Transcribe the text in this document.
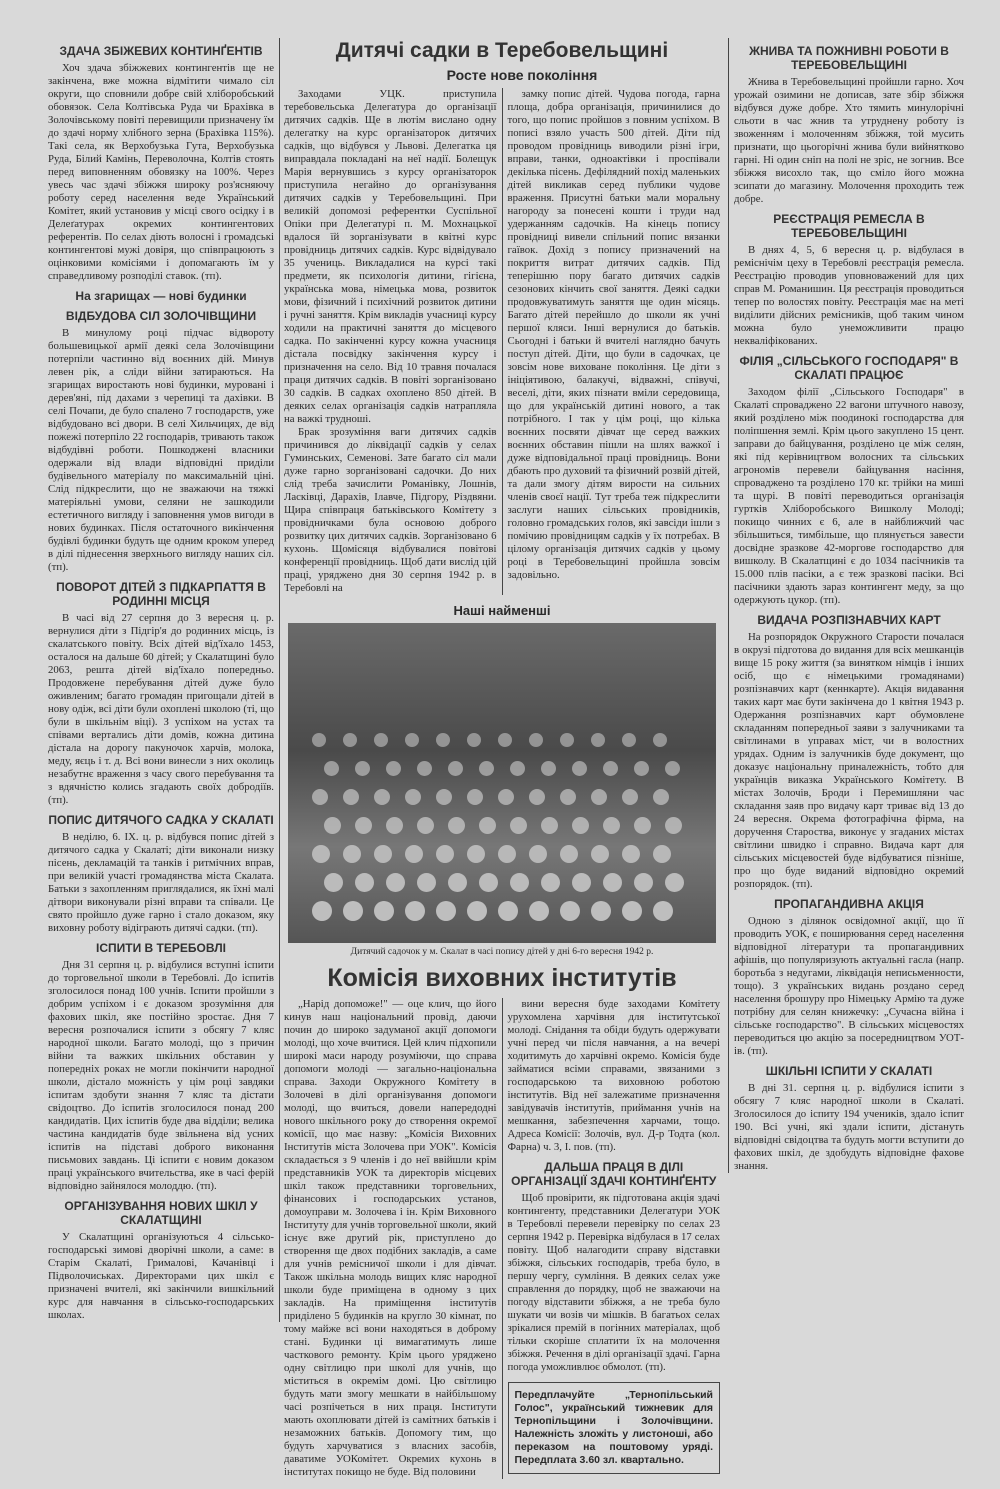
ЗДАЧА ЗБІЖЕВИХ КОНТИНҐЕНТІВ

Хоч здача збіжжевих контингентів ще не закінчена, вже можна відмітити чимало сіл округи, що сповнили добре свій хліборобський обовязок. Села Колтівська Руда чи Брахівка в Золочівському повіті перевищили призначену їм до здачі норму хлібного зерна (Брахівка 115%). Такі села, як Верхобузька Гута, Верхобузька Руда, Білий Камінь, Переволочна, Колтів стоять перед виповненням обовязку на 100%. Через увесь час здачі збіжжя широку роз'ясняючу роботу серед населення веде Український Комітет, який установив у місці свого осідку і в Делеґатурах окремих контингентових референтів. По селах діють волосні і громадські контингентові мужі довіря, що співпрацюють з оцінковими комісіями і допомагають їм у справедливому розподілі ставок. (тп).

На згарищах — нові будинки
ВІДБУДОВА СІЛ ЗОЛОЧІВЩИНИ

В минулому році підчас відвороту большевицької армії деякі села Золочівщини потерпіли частинно від воєнних дій. Минув левен рік, а сліди війни затираються. На згарищах виростають нові будинки, муровані і дерев'яні, під дахами з черепиці та дахівки. В селі Почапи, де було спалено 7 господарств, уже відбудовано всі двори. В селі Хильчицях, де від пожежі потерпіло 22 господарів, тривають також відбудівні роботи. Пошкоджені власники одержали від влади відповідні приділи будівельного матеріалу по максимальній ціні. Слід підкреслити, що не зважаючи на тяжкі матеріяльні умови, селяни не зашкодили естетичного вигляду і заповнення умов вигоди в нових будинках. Після остаточного викінчення будівлі будинки будуть ще одним кроком уперед в ділі піднесення зверхнього вигляду наших сіл. (тп).

ПОВОРОТ ДІТЕЙ З ПІДКАРПАТТЯ В РОДИННІ МІСЦЯ

В часі від 27 серпня до 3 вересня ц. р. вернулися діти з Підгір'я до родинних місць, із скалатського повіту. Всіх дітей від'їхало 1453, осталося на дальше 60 дітей; у Скалатщині було 2063, решта дітей від'їхало попередньо. Продовжене перебування дітей дуже було оживленим; багато громадян пригощали дітей в нову одіж, всі діти були охоплені школою (ті, що були в шкільнім віці). З успіхом на устах та співами вертались діти домів, кожна дитина дістала на дорогу пакуночок харчів, молока, меду, яєць і т. д. Всі вони винесли з них околиць незабутнє враження з часу свого перебування та з вдячністю колись згадають своїх добродіїв. (тп).

ПОПИС ДИТЯЧОГО САДКА У СКАЛАТІ

В неділю, 6. IX. ц. р. відбувся попис дітей з дитячого садка у Скалаті; діти виконали низку пісень, декламацій та танків і ритмічних вправ, при великій участі громадянства міста Скалата. Батьки з захопленням приглядалися, як їхні малі дітвори виконували різні вправи та співали. Це свято пройшло дуже гарно і стало доказом, яку виховну роботу відіграють дитячі садки. (тп).

ІСПИТИ В ТЕРЕБОВЛІ

Дня 31 серпня ц. р. відбулися вступні іспити до торговельної школи в Теребовлі. До іспитів зголосилося понад 100 учнів. Іспити пройшли з добрим успіхом і є доказом зрозуміння для фахових шкіл, яке постійно зростає. Дня 7 вересня розпочалися іспити з обсягу 7 кляс народної школи. Багато молоді, що з причин війни та важких шкільних обставин у попередніх роках не могли покінчити народної школи, дістало можність у цім році завдяки іспитам здобути знання 7 кляс та дістати свідоцтво. До іспитів зголосилося понад 200 кандидатів. Цих іспитів буде два відділи; велика частина кандидатів буде звільнена від усних іспитів на підставі доброго виконання письмових завдань. Ці іспити є новим доказом праці українського вчительства, яке в часі ферій відповідно зайнялося молоддю. (тп).

ОРГАНІЗУВАННЯ НОВИХ ШКІЛ У СКАЛАТЩИНІ

У Скалатщині організуються 4 сільсько-господарські зимові дворічні школи, а саме: в Старім Скалаті, Грималові, Качанівці і Підволочиськах. Директорами цих шкіл є призначені вчителі, які закінчили вишкільний курс для навчання в сільсько-господарських школах.

Дитячі садки в Теребовельщині
Росте нове покоління

Заходами УЦК. приступила теребовельська Делегатура до організації дитячих садків. Ще в лютім вислано одну делегатку на курс організаторок дитячих садків, що відбувся у Львові. Делегатка ця виправдала покладані на неї надії. Болещук Марія вернувшись з курсу організаторок приступила негайно до організування дитячих садків у Теребовельщині. При великій допомозі референтки Суспільної Опіки при Делегатурі п. М. Мохнацької вдалося їй зорганізувати в квітні курс провідниць дитячих садків. Курс відвідувало 35 учениць. Викладалися на курсі такі предмети, як психологія дитини, гігієна, українська мова, німецька мова, розвиток мови, фізичний і психічний розвиток дитини і ручні заняття. Крім викладів учасниці курсу ходили на практичні заняття до місцевого садка. По закінченні курсу кожна учасниця дістала посвідку закінчення курсу і призначення на село. Від 10 травня почалася праця дитячих садків. В повіті зорганізовано 30 садків. В садках охоплено 850 дітей. В деяких селах організація садків натрапляла на важкі трудноші.

Брак зрозуміння ваги дитячих садків причинився до ліквідації садків у селах Гуминських, Семенові. Зате багато сіл мали дуже гарно зорганізовані садочки. До них слід треба зачислити Романівку, Лошнів, Ласківці, Дарахів, Ілавче, Підгору, Різдвяни. Щира співпраця батьківського Комітету з провідничками була основою доброго розвитку цих дитячих садків. Зорганізовано 6 кухонь. Щомісяця відбувалися повітові конференції провідниць. Щоб дати вислід цій праці, уряджено дня 30 серпня 1942 р. в Теребовлі на

замку попис дітей. Чудова погода, гарна площа, добра організація, причинилися до того, що попис пройшов з повним успіхом. В пописі взяло участь 500 дітей. Діти під проводом провідниць виводили різні ігри, вправи, танки, одноактівки і проспівали декілька пісень. Дефілядний похід маленьких дітей викликав серед публики чудове враження. Присутні батьки мали моральну нагороду за понесені кошти і труди над удержанням садочків. На кінець попису провідниці вивели спільний попис вязанки гаївок. Дохід з попису призначений на покриття витрат дитячих садків. Під теперішню пору багато дитячих садків сезонових кінчить свої заняття. Деякі садки продовжуватимуть заняття ще один місяць. Багато дітей перейшло до школи як учні першої кляси. Інші вернулися до батьків. Сьогодні і батьки й вчителі наглядно бачуть поступ дітей. Діти, що були в садочках, це зовсім нове виховане покоління. Це діти з ініціятивою, балакучі, відважні, співучі, веселі, діти, яких пізнати вміли середовища, що для українській дитині нового, а так потрібного. І так у цім році, що кілька воєнних посвяти дівчат ще серед важких воєнних обставин пішли на шлях важкої і дуже відповідальної праці провідниць. Вони дбають про духовий та фізичний розвій дітей, та дали змогу дітям вирости на сильних членів своєї нації. Тут треба теж підкреслити заслуги наших сільських провідників, головно громадських голов, які завсіди ішли з помічию провідницям садків у їх потребах. В цілому організація дитячих садків у цьому році в Теребовельщині пройшла зовсім задовільно.

Наші найменші
Дитячий садочок у м. Скалат в часі попису дітей у дні 6-го вересня 1942 р.
Комісія виховних інститутів

„Нарід допоможе!" — оце клич, що його кинув наш національний провід, даючи почин до широко задуманої акції допомоги молоді, що хоче вчитися. Цей клич підхопили широкі маси народу розуміючи, що справа допомоги молоді — загально-національна справа. Заходи Окружного Комітету в Золочеві в ділі організування допомоги молоді, що вчиться, довели напередодні нового шкільного року до створення окремої комісії, що має назву: „Комісія Виховних Інститутів міста Золочева при УОК". Комісія складається з 9 членів і до неї ввійшли крім представників УОК та директорів місцевих шкіл також представники торговельних, фінансових і господарських установ, домоуправи м. Золочева і ін. Крім Виховного Інституту для учнів торговельної школи, який існує вже другий рік, приступлено до створення ще двох подібних закладів, а саме для учнів ремісничої школи і для дівчат. Також шкільна молодь вищих кляс народної школи буде приміщена в одному з цих закладів. На приміщення інститутів приділено 5 будинків на кругло 30 кімнат, по тому майже всі вони находяться в доброму стані. Будинки ці вимагатимуть лише часткового ремонту. Крім цього уряджено одну світлицю при школі для учнів, що міститься в окремім домі. Цю світлицю будуть мати змогу мешкати в найбільшому часі розпічеться в них праця. Інститути мають охоплювати дітей із самітних батьків і незаможних батьків. Допомогу тим, що будуть харчуватися з власних засобів, даватиме УОКомітет. Окремих кухонь в інститутах покищо не буде. Від половини

вини вересня буде заходами Комітету урухомлена харчівня для інститутської молоді. Снідання та обіди будуть одержувати учні перед чи після навчання, а на вечері ходитимуть до харчівні окремо. Комісія буде займатися всіми справами, звязаними з господарською та виховною роботою інститутів. Від неї залежатиме призначення завідувачів інститутів, приймання учнів на мешкання, забезпечення харчами, тощо. Адреса Комісії: Золочів, вул. Д-р Тодта (кол. Фарна) ч. 3, І. пов. (тп).

ДАЛЬША ПРАЦЯ В ДІЛІ ОРГАНІЗАЦІЇ ЗДАЧІ КОНТИНҐЕНТУ

Щоб провірити, як підготована акція здачі контингенту, представники Делегатури УОК в Теребовлі перевели перевірку по селах 23 серпня 1942 р. Перевірка відбулася в 17 селах повіту. Щоб налагодити справу відставки збіжжя, сільських господарів, треба було, в першу чергу, сумління. В деяких селах уже справлення до порядку, щоб не зважаючи на погоду відставити збіжжя, а не треба було шукати чи возів чи мішків. В багатьох селах зрікалися премій в погінних матеріалах, щоб тільки скоріше сплатити їх на молочення збіжжя. Речення в ділі організації здачі. Гарна погода уможливлює обмолот. (тп).

Передплачуйте „Тернопільський Голос", український тижневик для Тернопільщини і Золочівщини. Належність зложіть у листоноші, або переказом на поштовому уряді. Передплата 3.60 зл. квартально.
ЖНИВА ТА ПОЖНИВНІ РОБОТИ В ТЕРЕБОВЕЛЬЩИНІ

Жнива в Теребовельщині пройшли гарно. Хоч урожай озимини не дописав, зате збір збіжжя відбувся дуже добре. Хто тямить минулорічні сльоти в час жнив та утруднену роботу із звоженням і молоченням збіжжя, той мусить признати, що цьогорічні жнива були вийнятково гарні. Ні один сніп на полі не зріс, не зогнив. Все збіжжя висохло так, що сміло його можна зсипати до магазину. Молочення проходить теж добре.

РЕЄСТРАЦІЯ РЕМЕСЛА В ТЕРЕБОВЕЛЬЩИНІ

В днях 4, 5, 6 вересня ц. р. відбулася в реміснічім цеху в Теребовлі реєстрація ремесла. Реєстрацію проводив уповноважений для цих справ М. Романишин. Ця реєстрація проводиться тепер по волостях повіту. Реєстрація має на меті виділити дійсних ремісників, щоб таким чином можна було унеможливити працю некваліфікованих.

ФІЛІЯ „СІЛЬСЬКОГО ГОСПОДАРЯ" В СКАЛАТІ ПРАЦЮЄ

Заходом філії „Сільського Господаря" в Скалаті спроваджено 22 вагони штучного навозу, який розділено між поодинокі господарства для поліпшення землі. Крім цього закуплено 15 цент. заправи до байцування, розділено це між селян, які під керівництвом волосних та сільських агрономів перевели байцування насіння, спроваджено та розділено 170 кг. трійки на миші та щурі. В повіті переводиться організація гуртків Хліборобського Вишколу Молоді; покищо чинних є 6, але в найближчий час збільшиться, тимбільше, що плянується завести досвідне зразкове 42-моргове господарство для вишколу. В Скалатщині є до 1034 пасічників та 15.000 плів пасіки, а є теж зразкові пасіки. Всі пасічники здають зараз контингент меду, за що одержують цукор. (тп).

ВИДАЧА РОЗПІЗНАВЧИХ КАРТ

На розпорядок Окружного Старости почалася в окрузі підготова до видання для всіх мешканців вище 15 року життя (за винятком німців і інших осіб, що є німецькими громадянами) розпізнавчих карт (кеннкарте). Акція видавання таких карт має бути закінчена до 1 квітня 1943 р. Одержання розпізнавчих карт обумовлене складанням попередньої заяви з залучниками та світлинами в управах міст, чи в волостних урядах. Одним із залучників буде документ, що доказує національну приналежність, тобто для українців виказка Українського Комітету. В містах Золочів, Броди і Перемишляни час складання заяв про видачу карт триває від 13 до 24 вересня. Окрема фотографічна фірма, на доручення Староства, виконує у згаданих містах світлини швидко і справно. Видача карт для сільських місцевостей буде відбуватися пізніше, про що буде виданий відповідно окремий розпорядок. (тп).

ПРОПАГАНДИВНА АКЦІЯ

Одною з ділянок освідомної акції, що її проводить УОК, є поширювання серед населення відповідної літератури та пропагандивних афішів, що популяризують актуальні гасла (напр. боротьба з недугами, ліквідація неписьменности, тощо). З українських видань розданo серед населення брошуру про Німецьку Армію та дуже потрібну для селян книжечку: „Сучасна війна і сільське господарство". В сільських місцевостях переводиться цю акцію за посередництвом УОТ-ів. (тп).

ШКІЛЬНІ ІСПИТИ У СКАЛАТІ

В дні 31. серпня ц. р. відбулися іспити з обсягу 7 кляс народної школи в Скалаті. Зголосилося до іспиту 194 учеників, здало іспит 190. Всі учні, які здали іспити, дістануть відповідні свідоцтва та будуть могти вступити до фахових шкіл, де здобудуть відповідне фахове знання.
